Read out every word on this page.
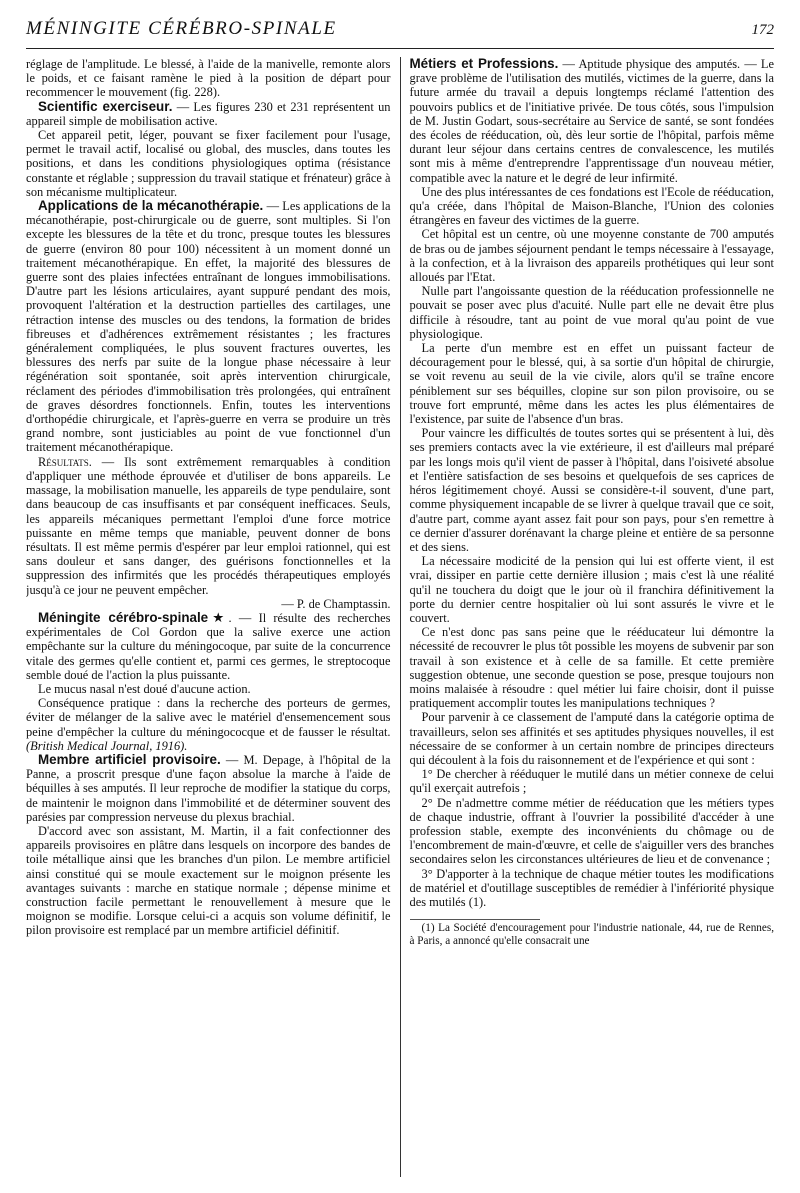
MÉNINGITE CÉRÉBRO-SPINALE	172

réglage de l'amplitude. Le blessé, à l'aide de la manivelle, remonte alors le poids, et ce faisant ramène le pied à la position de départ pour recommencer le mouvement (fig. 228).

Scientific exerciseur. — Les figures 230 et 231 représentent un appareil simple de mobilisation active.

Cet appareil petit, léger, pouvant se fixer facilement pour l'usage, permet le travail actif, localisé ou global, des muscles, dans toutes les positions, et dans les conditions physiologiques optima (résistance constante et réglable ; suppression du travail statique et frénateur) grâce à son mécanisme multiplicateur.

Applications de la mécanothérapie. — Les applications de la mécanothérapie, post-chirurgicale ou de guerre, sont multiples. Si l'on excepte les blessures de la tête et du tronc, presque toutes les blessures de guerre (environ 80 pour 100) nécessitent à un moment donné un traitement mécanothérapique. En effet, la majorité des blessures de guerre sont des plaies infectées entraînant de longues immobilisations. D'autre part les lésions articulaires, ayant suppuré pendant des mois, provoquent l'altération et la destruction partielles des cartilages, une rétraction intense des muscles ou des tendons, la formation de brides fibreuses et d'adhérences extrêmement résistantes ; les fractures généralement compliquées, le plus souvent fractures ouvertes, les blessures des nerfs par suite de la longue phase nécessaire à leur régénération soit spontanée, soit après intervention chirurgicale, réclament des périodes d'immobilisation très prolongées, qui entraînent de graves désordres fonctionnels. Enfin, toutes les interventions d'orthopédie chirurgicale, et l'après-guerre en verra se produire un très grand nombre, sont justiciables au point de vue fonctionnel d'un traitement mécanothérapique.

Résultats. — Ils sont extrêmement remarquables à condition d'appliquer une méthode éprouvée et d'utiliser de bons appareils. Le massage, la mobilisation manuelle, les appareils de type pendulaire, sont dans beaucoup de cas insuffisants et par conséquent inefficaces. Seuls, les appareils mécaniques permettant l'emploi d'une force motrice puissante en même temps que maniable, peuvent donner de bons résultats. Il est même permis d'espérer par leur emploi rationnel, qui est sans douleur et sans danger, des guérisons fonctionnelles et la suppression des infirmités que les procédés thérapeutiques employés jusqu'à ce jour ne peuvent empêcher.

— P. de Champtassin.

Méningite cérébro-spinale★. — Il résulte des recherches expérimentales de Col Gordon que la salive exerce une action empêchante sur la culture du méningocoque, par suite de la concurrence vitale des germes qu'elle contient et, parmi ces germes, le streptocoque semble doué de l'action la plus puissante.

Le mucus nasal n'est doué d'aucune action.

Conséquence pratique : dans la recherche des porteurs de germes, éviter de mélanger de la salive avec le matériel d'ensemencement sous peine d'empêcher la culture du méningococque et de fausser le résultat. (British Medical Journal, 1916).

Membre artificiel provisoire. — M. Depage, à l'hôpital de la Panne, a proscrit presque d'une façon absolue la marche à l'aide de béquilles à ses amputés. Il leur reproche de modifier la statique du corps, de maintenir le moignon dans l'immobilité et de déterminer souvent des parésies par compression nerveuse du plexus brachial.

D'accord avec son assistant, M. Martin, il a fait confectionner des appareils provisoires en plâtre dans lesquels on incorpore des bandes de toile métallique ainsi que les branches d'un pilon. Le membre artificiel ainsi constitué qui se moule exactement sur le moignon présente les avantages suivants : marche en statique normale ; dépense minime et construction facile permettant le renouvellement à mesure que le moignon se modifie. Lorsque celui-ci a acquis son volume définitif, le pilon provisoire est remplacé par un membre artificiel définitif.

Métiers et Professions. — Aptitude physique des amputés. — Le grave problème de l'utilisation des mutilés, victimes de la guerre, dans la future armée du travail a depuis longtemps réclamé l'attention des pouvoirs publics et de l'initiative privée. De tous côtés, sous l'impulsion de M. Justin Godart, sous-secrétaire au Service de santé, se sont fondées des écoles de rééducation, où, dès leur sortie de l'hôpital, parfois même durant leur séjour dans certains centres de convalescence, les mutilés sont mis à même d'entreprendre l'apprentissage d'un nouveau métier, compatible avec la nature et le degré de leur infirmité.

Une des plus intéressantes de ces fondations est l'Ecole de rééducation, qu'a créée, dans l'hôpital de Maison-Blanche, l'Union des colonies étrangères en faveur des victimes de la guerre.

Cet hôpital est un centre, où une moyenne constante de 700 amputés de bras ou de jambes séjournent pendant le temps nécessaire à l'essayage, à la confection, et à la livraison des appareils prothétiques qui leur sont alloués par l'Etat.

Nulle part l'angoissante question de la rééducation professionnelle ne pouvait se poser avec plus d'acuité. Nulle part elle ne devait être plus difficile à résoudre, tant au point de vue moral qu'au point de vue physiologique.

La perte d'un membre est en effet un puissant facteur de découragement pour le blessé, qui, à sa sortie d'un hôpital de chirurgie, se voit revenu au seuil de la vie civile, alors qu'il se traîne encore péniblement sur ses béquilles, clopine sur son pilon provisoire, ou se trouve fort emprunté, même dans les actes les plus élémentaires de l'existence, par suite de l'absence d'un bras.

Pour vaincre les difficultés de toutes sortes qui se présentent à lui, dès ses premiers contacts avec la vie extérieure, il est d'ailleurs mal préparé par les longs mois qu'il vient de passer à l'hôpital, dans l'oisiveté absolue et l'entière satisfaction de ses besoins et quelquefois de ses caprices de héros légitimement choyé. Aussi se considère-t-il souvent, d'une part, comme physiquement incapable de se livrer à quelque travail que ce soit, d'autre part, comme ayant assez fait pour son pays, pour s'en remettre à ce dernier d'assurer dorénavant la charge pleine et entière de sa personne et des siens.

La nécessaire modicité de la pension qui lui est offerte vient, il est vrai, dissiper en partie cette dernière illusion ; mais c'est là une réalité qu'il ne touchera du doigt que le jour où il franchira définitivement la porte du dernier centre hospitalier où lui sont assurés le vivre et le couvert.

Ce n'est donc pas sans peine que le rééducateur lui démontre la nécessité de recouvrer le plus tôt possible les moyens de subvenir par son travail à son existence et à celle de sa famille. Et cette première suggestion obtenue, une seconde question se pose, presque toujours non moins malaisée à résoudre : quel métier lui faire choisir, dont il puisse pratiquement accomplir toutes les manipulations techniques ?

Pour parvenir à ce classement de l'amputé dans la catégorie optima de travailleurs, selon ses affinités et ses aptitudes physiques nouvelles, il est nécessaire de se conformer à un certain nombre de principes directeurs qui découlent à la fois du raisonnement et de l'expérience et qui sont :

1° De chercher à rééduquer le mutilé dans un métier connexe de celui qu'il exerçait autrefois ;

2° De n'admettre comme métier de rééducation que les métiers types de chaque industrie, offrant à l'ouvrier la possibilité d'accéder à une profession stable, exempte des inconvénients du chômage ou de l'encombrement de main-d'œuvre, et celle de s'aiguiller vers des branches secondaires selon les circonstances ultérieures de lieu et de convenance ;

3° D'apporter à la technique de chaque métier toutes les modifications de matériel et d'outillage susceptibles de remédier à l'infériorité physique des mutilés (1).

(1) La Société d'encouragement pour l'industrie nationale, 44, rue de Rennes, à Paris, a annoncé qu'elle consacrait une
